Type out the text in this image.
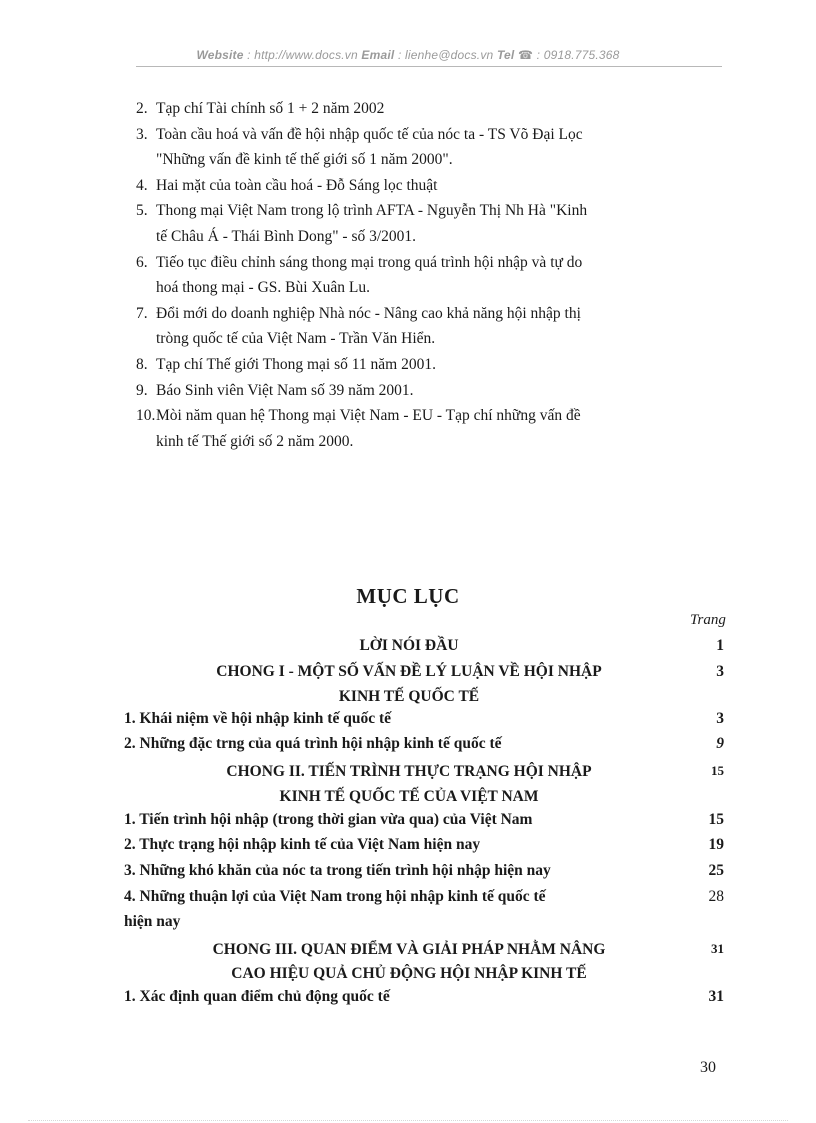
Website : http://www.docs.vn Email : lienhe@docs.vn Tel ☎ : 0918.775.368
2. Tạp chí Tài chính số 1 + 2 năm 2002
3. Toàn cầu hoá và vấn đề hội nhập quốc tế của nóc ta - TS Võ Đại Lọc
"Những vấn đề kinh tế thế giới số 1 năm 2000".
4. Hai mặt của toàn cầu hoá - Đỗ Sáng lọc thuật
5. Thong mại Việt Nam trong lộ trình AFTA - Nguyễn Thị Nh Hà "Kinh
tế Châu Á - Thái Bình Dong" - số 3/2001.
6. Tiếo tục điều chỉnh sáng thong mại trong quá trình hội nhập và tự do
hoá thong mại - GS. Bùi Xuân Lu.
7. Đổi mới do doanh nghiệp Nhà nóc - Nâng cao khả năng hội nhập thị
tròng quốc tế của Việt Nam - Trần Văn Hiển.
8. Tạp chí Thế giới Thong mại số 11 năm 2001.
9. Báo Sinh viên Việt Nam số 39 năm 2001.
10. Mòi năm quan hệ Thong mại Việt Nam - EU - Tạp chí những vấn đề
kinh tế Thế giới số 2 năm 2000.
MỤC LỤC
Trang
LỜI NÓI ĐẦU	1
CHONG I - MỘT SỐ VẤN ĐỀ LÝ LUẬN VỀ HỘI NHẬP	3
KINH TẾ QUỐC TẾ
1. Khái niệm về hội nhập kinh tế quốc tế	3
2. Những đặc trng của quá trình hội nhập kinh tế quốc tế	9
CHONG II. TIẾN TRÌNH THỰC TRẠNG HỘI NHẬP	15
KINH TẾ QUỐC TẾ CỦA VIỆT NAM
1. Tiến trình hội nhập (trong thời gian vừa qua) của Việt Nam	15
2. Thực trạng hội nhập kinh tế của Việt Nam hiện nay	19
3. Những khó khăn của nóc ta trong tiến trình hội nhập hiện nay	25
4. Những thuận lợi của Việt Nam trong hội nhập kinh tế quốc tế	28
hiện nay
CHONG III. QUAN ĐIỂM VÀ GIẢI PHÁP NHẰM NÂNG	31
CAO HIỆU QUẢ CHỦ ĐỘNG HỘI NHẬP KINH TẾ
1. Xác định quan điểm chủ động quốc tế	31
30
